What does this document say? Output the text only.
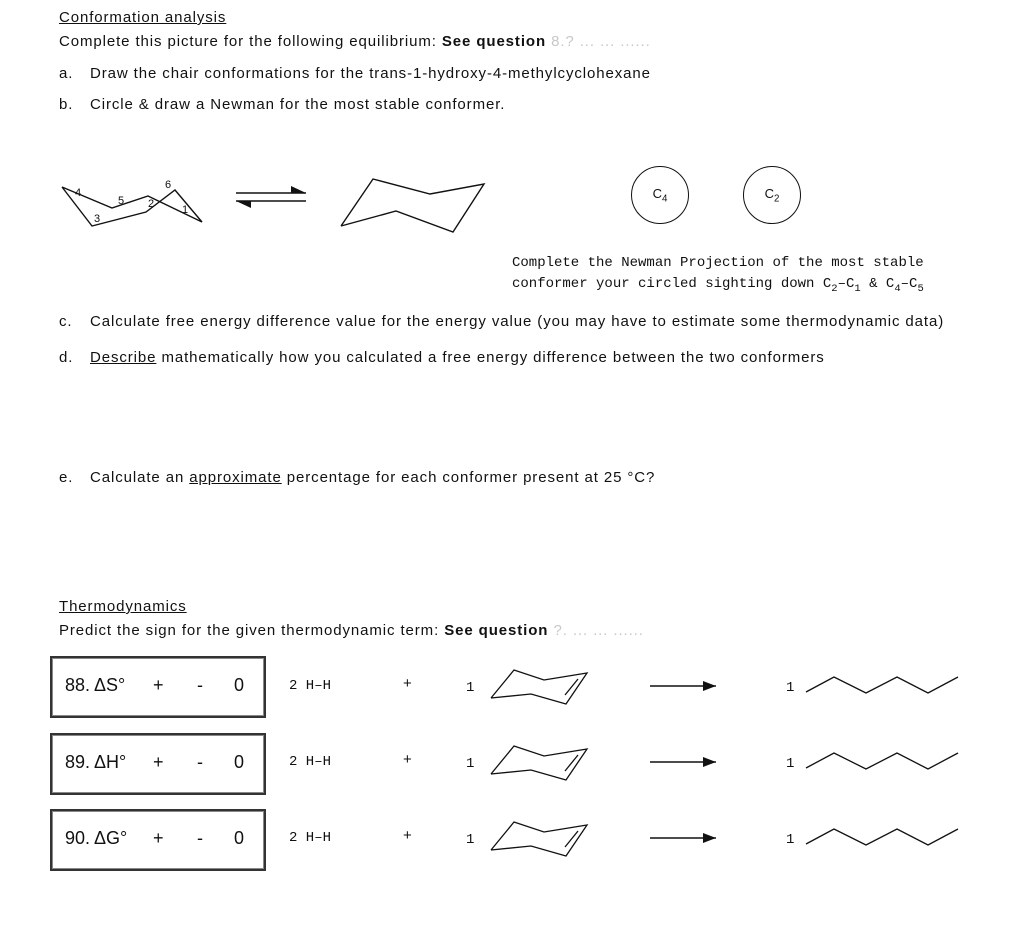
Conformation analysis
Complete this picture for the following equilibrium: See question 8.? ... ... ......
a. Draw the chair conformations for the trans-1-hydroxy-4-methylcyclohexane
b. Circle & draw a Newman for the most stable conformer.
4
3
5 2
6
1
$C_4$	$C_2$
Complete the Newman Projection of the most stable
conformer your circled sighting down $C_2-C_1$ & $C_4-C_5$
c. Calculate free energy difference value for the energy value (you may have to estimate some thermodynamic data)
d. Describe mathematically how you calculated a free energy difference between the two conformers
e. Calculate an approximate percentage for each conformer present at 25 °C?
Thermodynamics
Predict the sign for the given thermodynamic term: See question ?. ... ... ......
88. ΔS° + - 0	2 H–H	+	1	1
89. ΔH° + - 0	2 H–H	+	1	1
90. ΔG° + - 0	2 H–H	+	1	1
